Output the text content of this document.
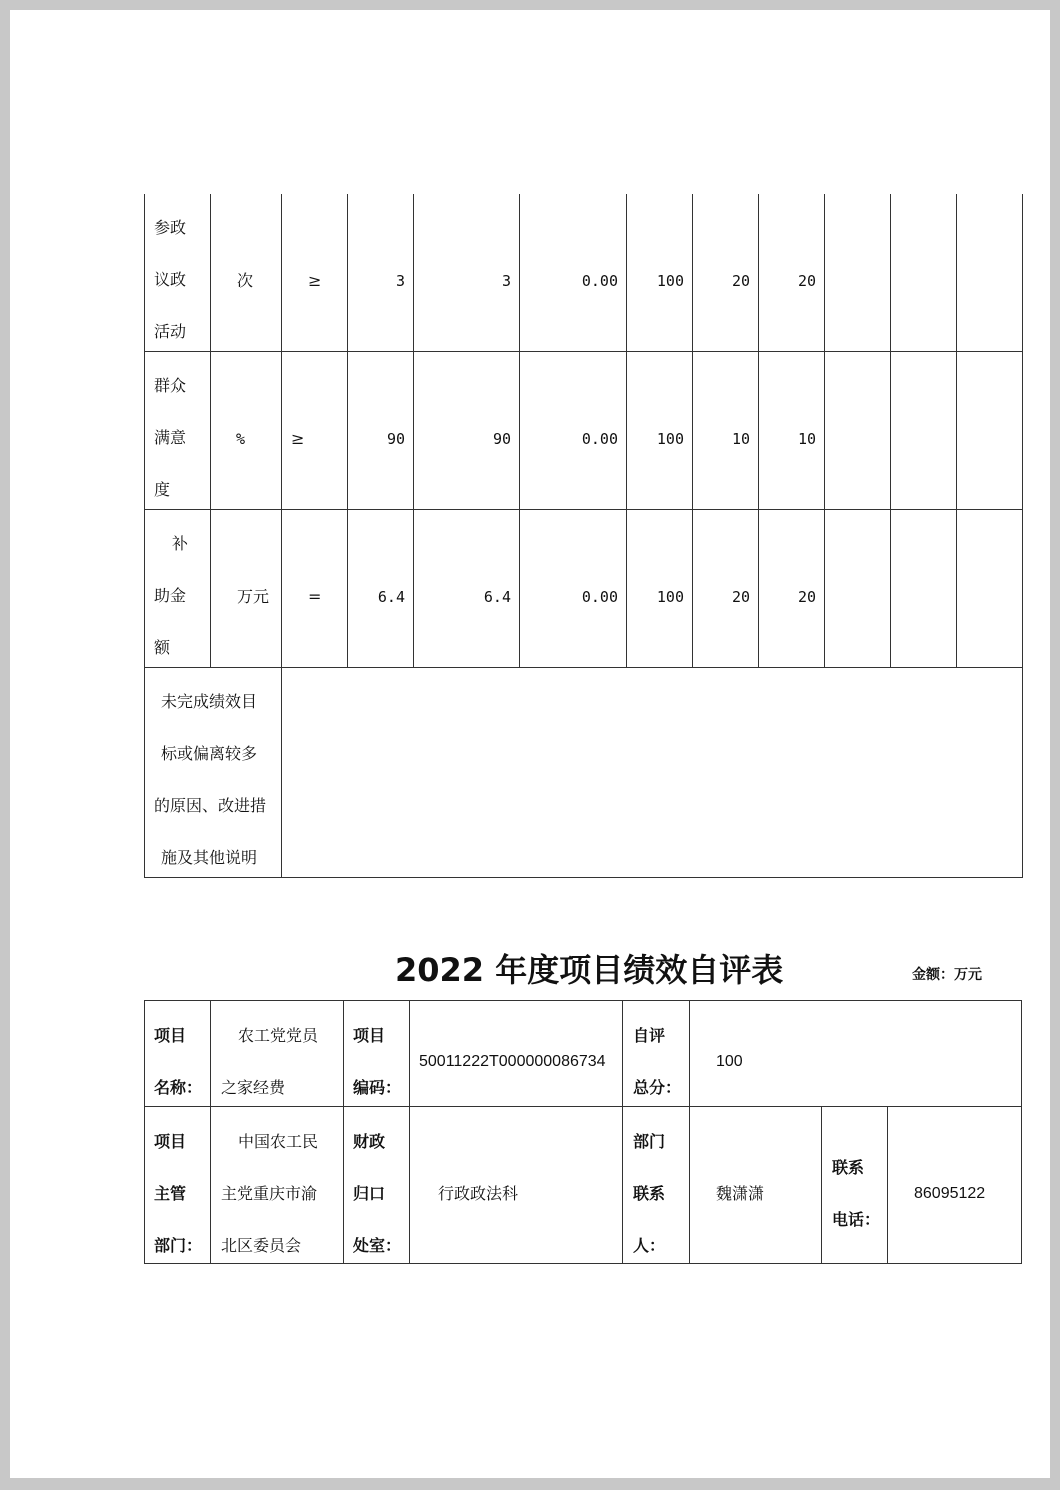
参政
议政
活动
次	≥	3	3	0.00	100	20	20
群众
满意
度
%	≥	90	90	0.00	100	10	10
补
助金
额
万元 =	6.4	6.4	0.00	100	20	20
未完成绩效目
标或偏离较多
的原因、改进措
施及其他说明
2022 年度项目绩效自评表	金额：万元
项目
名称：
农工党党员
之家经费
项目
编码：
50011222T000000086734
自评
总分：
100
项目
主管
部门：
中国农工民
主党重庆市渝
北区委员会
财政
归口
处室：
行政政法科
部门
联系
人：
魏潇潇
联系
电话：
86095122
